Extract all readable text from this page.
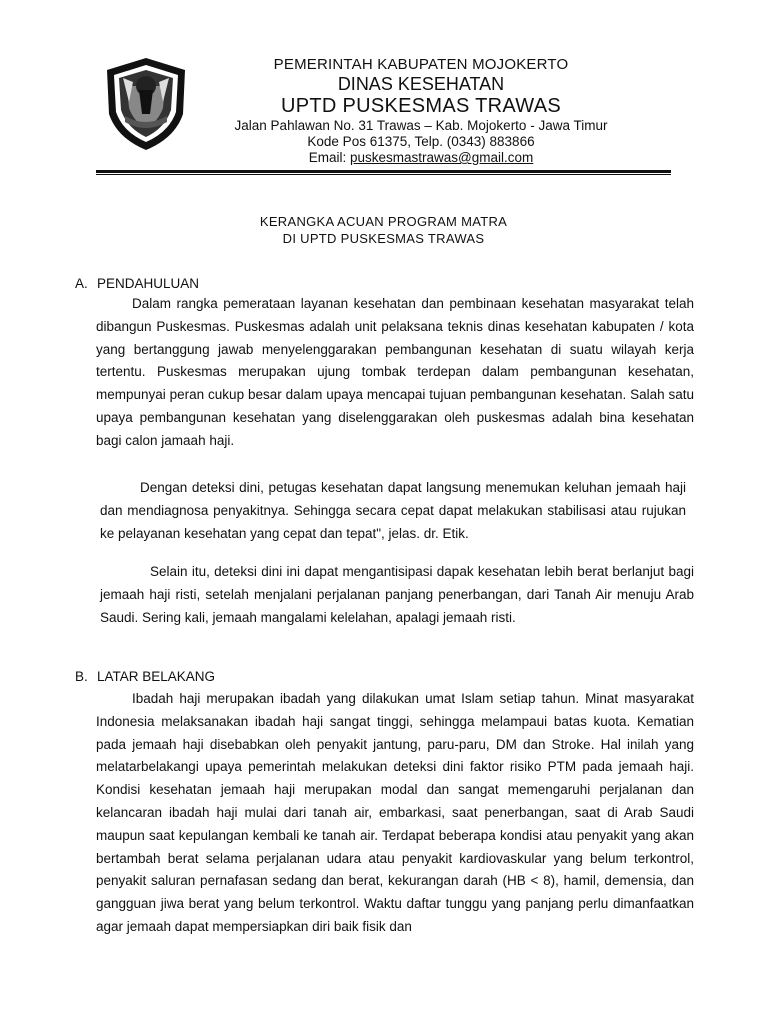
PEMERINTAH KABUPATEN MOJOKERTO
DINAS KESEHATAN
UPTD PUSKESMAS TRAWAS
Jalan Pahlawan No. 31 Trawas – Kab. Mojokerto - Jawa Timur
Kode Pos 61375, Telp. (0343) 883866
Email: puskesmastrawas@gmail.com
KERANGKA ACUAN PROGRAM MATRA
DI UPTD PUSKESMAS TRAWAS
A. PENDAHULUAN
Dalam rangka pemerataan layanan kesehatan dan pembinaan kesehatan masyarakat telah dibangun Puskesmas. Puskesmas adalah unit pelaksana teknis dinas kesehatan kabupaten / kota yang bertanggung jawab menyelenggarakan pembangunan kesehatan di suatu wilayah kerja tertentu. Puskesmas merupakan ujung tombak terdepan dalam pembangunan kesehatan, mempunyai peran cukup besar dalam upaya mencapai tujuan pembangunan kesehatan. Salah satu upaya pembangunan kesehatan yang diselenggarakan oleh puskesmas adalah bina kesehatan bagi calon jamaah haji.
Dengan deteksi dini, petugas kesehatan dapat langsung menemukan keluhan jemaah haji dan mendiagnosa penyakitnya. Sehingga secara cepat dapat melakukan stabilisasi atau rujukan ke pelayanan kesehatan yang cepat dan tepat", jelas. dr. Etik.
Selain itu, deteksi dini ini dapat mengantisipasi dapak kesehatan lebih berat berlanjut bagi jemaah haji risti, setelah menjalani perjalanan panjang penerbangan, dari Tanah Air menuju Arab Saudi. Sering kali, jemaah mangalami kelelahan, apalagi jemaah risti.
B. LATAR BELAKANG
Ibadah haji merupakan ibadah yang dilakukan umat Islam setiap tahun. Minat masyarakat Indonesia melaksanakan ibadah haji sangat tinggi, sehingga melampaui batas kuota. Kematian pada jemaah haji disebabkan oleh penyakit jantung, paru-paru, DM dan Stroke. Hal inilah yang melatarbelakangi upaya pemerintah melakukan deteksi dini faktor risiko PTM pada jemaah haji. Kondisi kesehatan jemaah haji merupakan modal dan sangat memengaruhi perjalanan dan kelancaran ibadah haji mulai dari tanah air, embarkasi, saat penerbangan, saat di Arab Saudi maupun saat kepulangan kembali ke tanah air. Terdapat beberapa kondisi atau penyakit yang akan bertambah berat selama perjalanan udara atau penyakit kardiovaskular yang belum terkontrol, penyakit saluran pernafasan sedang dan berat, kekurangan darah (HB < 8), hamil, demensia, dan gangguan jiwa berat yang belum terkontrol. Waktu daftar tunggu yang panjang perlu dimanfaatkan agar jemaah dapat mempersiapkan diri baik fisik dan
